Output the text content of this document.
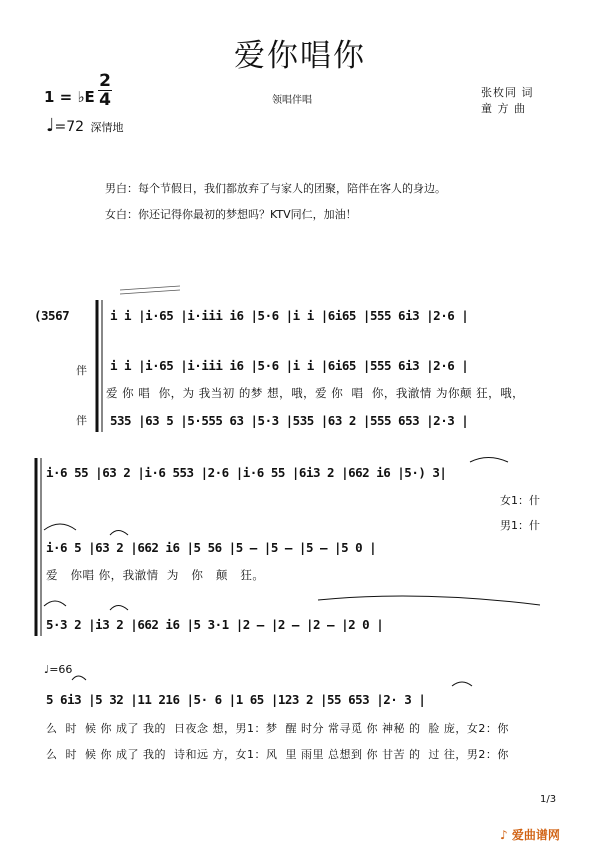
爱你唱你
1 = ♭E
2
4
♩=72 深情地
领唱伴唱
张枚同 词
童 方 曲
男白：每个节假日，我们都放弃了与家人的团聚，陪伴在客人的身边。
女白：你还记得你最初的梦想吗？KTV同仁，加油！
(3567	i i |i·65 |i·iii i6 |5·6 |i i |6i65 |555 6i3 |2·6 |
i i |i·65 |i·iii i6 |5·6 |i i |6i65 |555 6i3 |2·6 |
爱 你 唱  你，为 我当初 的梦 想，哦，爱 你  唱  你，我澈情 为你颠 狂，哦，
535 |63 5 |5·555 63 |5·3 |535 |63 2 |555 653 |2·3 |
伴
伴
i·6 55 |63 2 |i·6 553 |2·6 |i·6 55 |6i3 2 |662 i6 |5·) 3|
女1：什
男1：什
i·6 5 |63 2 |662 i6 |5 56 |5 — |5 — |5 — |5 0 |
爱   你唱 你，我澈情  为   你   颠   狂。
5·3 2 |i3 2 |662 i6 |5 3·1 |2 — |2 — |2 — |2 0 |
♩=66
5 6i3 |5 32 |11 216 |5· 6 |1 65 |123 2 |55 653 |2· 3 |
么  时  候 你 成了 我的  日夜念 想，男1：梦  醒 时分 常寻觅 你 神秘 的  脸 庞，女2：你
么  时  候 你 成了 我的  诗和远 方，女1：风  里 雨里 总想到 你 甘苦 的  过 往，男2：你
1/3
♪ 爱曲谱网
